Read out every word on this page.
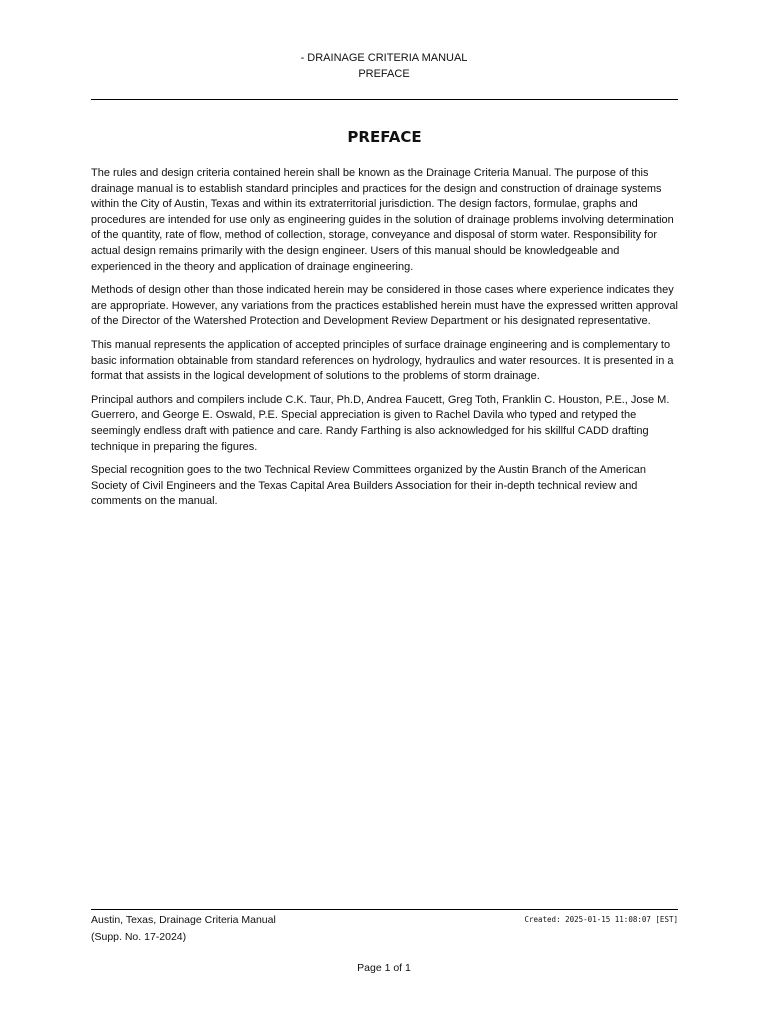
- DRAINAGE CRITERIA MANUAL
PREFACE
PREFACE

The rules and design criteria contained herein shall be known as the Drainage Criteria Manual. The purpose of this drainage manual is to establish standard principles and practices for the design and construction of drainage systems within the City of Austin, Texas and within its extraterritorial jurisdiction. The design factors, formulae, graphs and procedures are intended for use only as engineering guides in the solution of drainage problems involving determination of the quantity, rate of flow, method of collection, storage, conveyance and disposal of storm water. Responsibility for actual design remains primarily with the design engineer. Users of this manual should be knowledgeable and experienced in the theory and application of drainage engineering.

Methods of design other than those indicated herein may be considered in those cases where experience indicates they are appropriate. However, any variations from the practices established herein must have the expressed written approval of the Director of the Watershed Protection and Development Review Department or his designated representative.

This manual represents the application of accepted principles of surface drainage engineering and is complementary to basic information obtainable from standard references on hydrology, hydraulics and water resources. It is presented in a format that assists in the logical development of solutions to the problems of storm drainage.

Principal authors and compilers include C.K. Taur, Ph.D, Andrea Faucett, Greg Toth, Franklin C. Houston, P.E., Jose M. Guerrero, and George E. Oswald, P.E. Special appreciation is given to Rachel Davila who typed and retyped the seemingly endless draft with patience and care. Randy Farthing is also acknowledged for his skillful CADD drafting technique in preparing the figures.

Special recognition goes to the two Technical Review Committees organized by the Austin Branch of the American Society of Civil Engineers and the Texas Capital Area Builders Association for their in-depth technical review and comments on the manual.

Austin, Texas, Drainage Criteria Manual
(Supp. No. 17-2024)
Created: 2025-01-15 11:08:07 [EST]
Page 1 of 1
